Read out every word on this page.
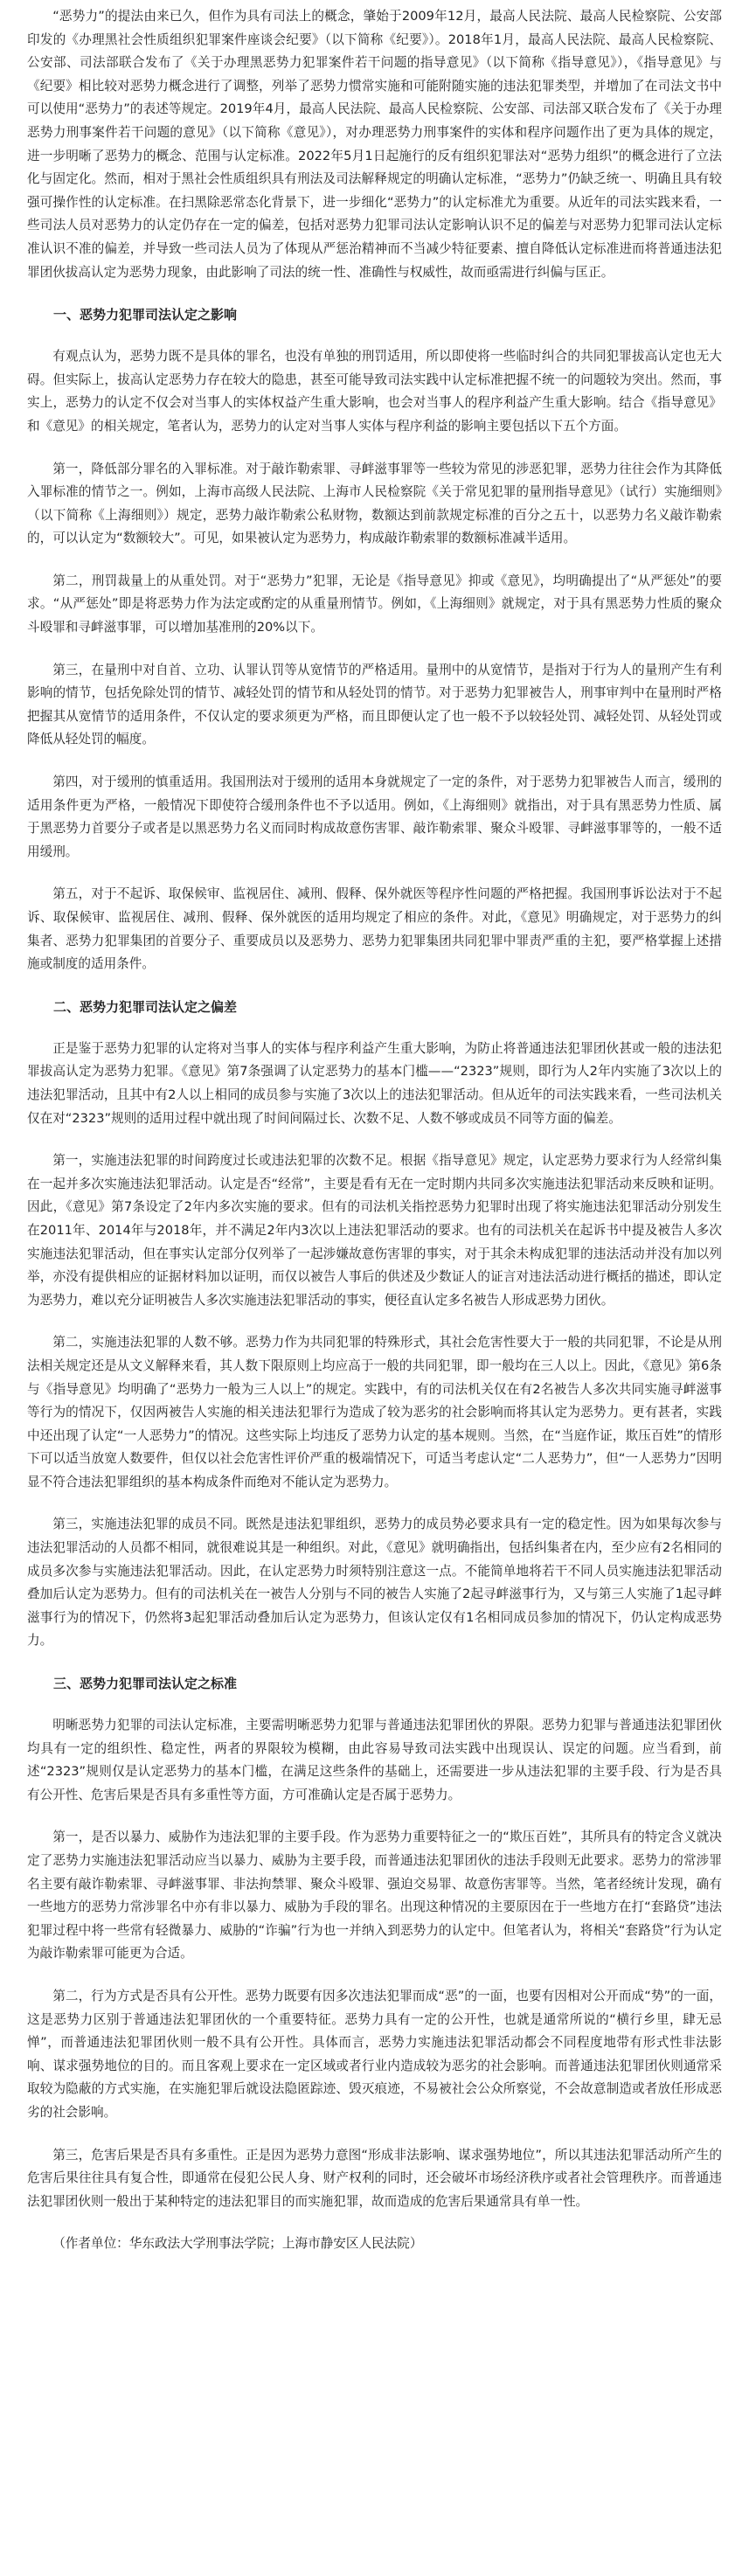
“恶势力”的提法由来已久，但作为具有司法上的概念，肇始于2009年12月，最高人民法院、最高人民检察院、公安部印发的《办理黑社会性质组织犯罪案件座谈会纪要》（以下简称《纪要》）。2018年1月，最高人民法院、最高人民检察院、公安部、司法部联合发布了《关于办理黑恶势力犯罪案件若干问题的指导意见》（以下简称《指导意见》），《指导意见》与《纪要》相比较对恶势力概念进行了调整，列举了恶势力惯常实施和可能附随实施的违法犯罪类型，并增加了在司法文书中可以使用“恶势力”的表述等规定。2019年4月，最高人民法院、最高人民检察院、公安部、司法部又联合发布了《关于办理恶势力刑事案件若干问题的意见》（以下简称《意见》），对办理恶势力刑事案件的实体和程序问题作出了更为具体的规定，进一步明晰了恶势力的概念、范围与认定标准。2022年5月1日起施行的反有组织犯罪法对“恶势力组织”的概念进行了立法化与固定化。然而，相对于黑社会性质组织具有刑法及司法解释规定的明确认定标准，“恶势力”仍缺乏统一、明确且具有较强可操作性的认定标准。在扫黑除恶常态化背景下，进一步细化“恶势力”的认定标准尤为重要。从近年的司法实践来看，一些司法人员对恶势力的认定仍存在一定的偏差，包括对恶势力犯罪司法认定影响认识不足的偏差与对恶势力犯罪司法认定标准认识不准的偏差，并导致一些司法人员为了体现从严惩治精神而不当减少特征要素、擅自降低认定标准进而将普通违法犯罪团伙拔高认定为恶势力现象，由此影响了司法的统一性、准确性与权威性，故而亟需进行纠偏与匡正。

一、恶势力犯罪司法认定之影响

有观点认为，恶势力既不是具体的罪名，也没有单独的刑罚适用，所以即使将一些临时纠合的共同犯罪拔高认定也无大碍。但实际上，拔高认定恶势力存在较大的隐患，甚至可能导致司法实践中认定标准把握不统一的问题较为突出。然而，事实上，恶势力的认定不仅会对当事人的实体权益产生重大影响，也会对当事人的程序利益产生重大影响。结合《指导意见》和《意见》的相关规定，笔者认为，恶势力的认定对当事人实体与程序利益的影响主要包括以下五个方面。

第一，降低部分罪名的入罪标准。对于敲诈勒索罪、寻衅滋事罪等一些较为常见的涉恶犯罪，恶势力往往会作为其降低入罪标准的情节之一。例如，上海市高级人民法院、上海市人民检察院《关于常见犯罪的量刑指导意见》（试行）实施细则》（以下简称《上海细则》）规定，恶势力敲诈勒索公私财物，数额达到前款规定标准的百分之五十，以恶势力名义敲诈勒索的，可以认定为“数额较大”。可见，如果被认定为恶势力，构成敲诈勒索罪的数额标准减半适用。

第二，刑罚裁量上的从重处罚。对于“恶势力”犯罪，无论是《指导意见》抑或《意见》，均明确提出了“从严惩处”的要求。“从严惩处”即是将恶势力作为法定或酌定的从重量刑情节。例如，《上海细则》就规定，对于具有黑恶势力性质的聚众斗殴罪和寻衅滋事罪，可以增加基准刑的20%以下。

第三，在量刑中对自首、立功、认罪认罚等从宽情节的严格适用。量刑中的从宽情节，是指对于行为人的量刑产生有利影响的情节，包括免除处罚的情节、减轻处罚的情节和从轻处罚的情节。对于恶势力犯罪被告人，刑事审判中在量刑时严格把握其从宽情节的适用条件，不仅认定的要求须更为严格，而且即便认定了也一般不予以较轻处罚、减轻处罚、从轻处罚或降低从轻处罚的幅度。

第四，对于缓刑的慎重适用。我国刑法对于缓刑的适用本身就规定了一定的条件，对于恶势力犯罪被告人而言，缓刑的适用条件更为严格，一般情况下即使符合缓刑条件也不予以适用。例如，《上海细则》就指出，对于具有黑恶势力性质、属于黑恶势力首要分子或者是以黑恶势力名义而同时构成故意伤害罪、敲诈勒索罪、聚众斗殴罪、寻衅滋事罪等的，一般不适用缓刑。

第五，对于不起诉、取保候审、监视居住、减刑、假释、保外就医等程序性问题的严格把握。我国刑事诉讼法对于不起诉、取保候审、监视居住、减刑、假释、保外就医的适用均规定了相应的条件。对此，《意见》明确规定，对于恶势力的纠集者、恶势力犯罪集团的首要分子、重要成员以及恶势力、恶势力犯罪集团共同犯罪中罪责严重的主犯，要严格掌握上述措施或制度的适用条件。

二、恶势力犯罪司法认定之偏差

正是鉴于恶势力犯罪的认定将对当事人的实体与程序利益产生重大影响，为防止将普通违法犯罪团伙甚或一般的违法犯罪拔高认定为恶势力犯罪。《意见》第7条强调了认定恶势力的基本门槛——“2323”规则，即行为人2年内实施了3次以上的违法犯罪活动，且其中有2人以上相同的成员参与实施了3次以上的违法犯罪活动。但从近年的司法实践来看，一些司法机关仅在对“2323”规则的适用过程中就出现了时间间隔过长、次数不足、人数不够或成员不同等方面的偏差。

第一，实施违法犯罪的时间跨度过长或违法犯罪的次数不足。根据《指导意见》规定，认定恶势力要求行为人经常纠集在一起并多次实施违法犯罪活动。认定是否“经常”，主要是看有无在一定时期内共同多次实施违法犯罪活动来反映和证明。因此，《意见》第7条设定了2年内多次实施的要求。但有的司法机关指控恶势力犯罪时出现了将实施违法犯罪活动分别发生在2011年、2014年与2018年，并不满足2年内3次以上违法犯罪活动的要求。也有的司法机关在起诉书中提及被告人多次实施违法犯罪活动，但在事实认定部分仅列举了一起涉嫌故意伤害罪的事实，对于其余未构成犯罪的违法活动并没有加以列举，亦没有提供相应的证据材料加以证明，而仅以被告人事后的供述及少数证人的证言对违法活动进行概括的描述，即认定为恶势力，难以充分证明被告人多次实施违法犯罪活动的事实，便径直认定多名被告人形成恶势力团伙。

第二，实施违法犯罪的人数不够。恶势力作为共同犯罪的特殊形式，其社会危害性要大于一般的共同犯罪，不论是从刑法相关规定还是从文义解释来看，其人数下限原则上均应高于一般的共同犯罪，即一般均在三人以上。因此，《意见》第6条与《指导意见》均明确了“恶势力一般为三人以上”的规定。实践中，有的司法机关仅在有2名被告人多次共同实施寻衅滋事等行为的情况下，仅因两被告人实施的相关违法犯罪行为造成了较为恶劣的社会影响而将其认定为恶势力。更有甚者，实践中还出现了认定“一人恶势力”的情况。这些实际上均违反了恶势力认定的基本规则。当然，在“当庭作证，欺压百姓”的情形下可以适当放宽人数要件，但仅以社会危害性评价严重的极端情况下，可适当考虑认定“二人恶势力”，但“一人恶势力”因明显不符合违法犯罪组织的基本构成条件而绝对不能认定为恶势力。

第三，实施违法犯罪的成员不同。既然是违法犯罪组织，恶势力的成员势必要求具有一定的稳定性。因为如果每次参与违法犯罪活动的人员都不相同，就很难说其是一种组织。对此，《意见》就明确指出，包括纠集者在内，至少应有2名相同的成员多次参与实施违法犯罪活动。因此，在认定恶势力时须特别注意这一点。不能简单地将若干不同人员实施违法犯罪活动叠加后认定为恶势力。但有的司法机关在一被告人分别与不同的被告人实施了2起寻衅滋事行为，又与第三人实施了1起寻衅滋事行为的情况下，仍然将3起犯罪活动叠加后认定为恶势力，但该认定仅有1名相同成员参加的情况下，仍认定构成恶势力。

三、恶势力犯罪司法认定之标准

明晰恶势力犯罪的司法认定标准，主要需明晰恶势力犯罪与普通违法犯罪团伙的界限。恶势力犯罪与普通违法犯罪团伙均具有一定的组织性、稳定性，两者的界限较为模糊，由此容易导致司法实践中出现误认、误定的问题。应当看到，前述“2323”规则仅是认定恶势力的基本门槛，在满足这些条件的基础上，还需要进一步从违法犯罪的主要手段、行为是否具有公开性、危害后果是否具有多重性等方面，方可准确认定是否属于恶势力。

第一，是否以暴力、威胁作为违法犯罪的主要手段。作为恶势力重要特征之一的“欺压百姓”，其所具有的特定含义就决定了恶势力实施违法犯罪活动应当以暴力、威胁为主要手段，而普通违法犯罪团伙的违法手段则无此要求。恶势力的常涉罪名主要有敲诈勒索罪、寻衅滋事罪、非法拘禁罪、聚众斗殴罪、强迫交易罪、故意伤害罪等。当然，笔者经统计发现，确有一些地方的恶势力常涉罪名中亦有非以暴力、威胁为手段的罪名。出现这种情况的主要原因在于一些地方在打“套路贷”违法犯罪过程中将一些常有轻微暴力、威胁的“诈骗”行为也一并纳入到恶势力的认定中。但笔者认为，将相关“套路贷”行为认定为敲诈勒索罪可能更为合适。

第二，行为方式是否具有公开性。恶势力既要有因多次违法犯罪而成“恶”的一面，也要有因相对公开而成“势”的一面，这是恶势力区别于普通违法犯罪团伙的一个重要特征。恶势力具有一定的公开性，也就是通常所说的“横行乡里，肆无忌惮”，而普通违法犯罪团伙则一般不具有公开性。具体而言，恶势力实施违法犯罪活动都会不同程度地带有形式性非法影响、谋求强势地位的目的。而且客观上要求在一定区域或者行业内造成较为恶劣的社会影响。而普通违法犯罪团伙则通常采取较为隐蔽的方式实施，在实施犯罪后就设法隐匿踪迹、毁灭痕迹，不易被社会公众所察觉，不会故意制造或者放任形成恶劣的社会影响。

第三，危害后果是否具有多重性。正是因为恶势力意图“形成非法影响、谋求强势地位”，所以其违法犯罪活动所产生的危害后果往往具有复合性，即通常在侵犯公民人身、财产权利的同时，还会破坏市场经济秩序或者社会管理秩序。而普通违法犯罪团伙则一般出于某种特定的违法犯罪目的而实施犯罪，故而造成的危害后果通常具有单一性。

（作者单位：华东政法大学刑事法学院；上海市静安区人民法院）
